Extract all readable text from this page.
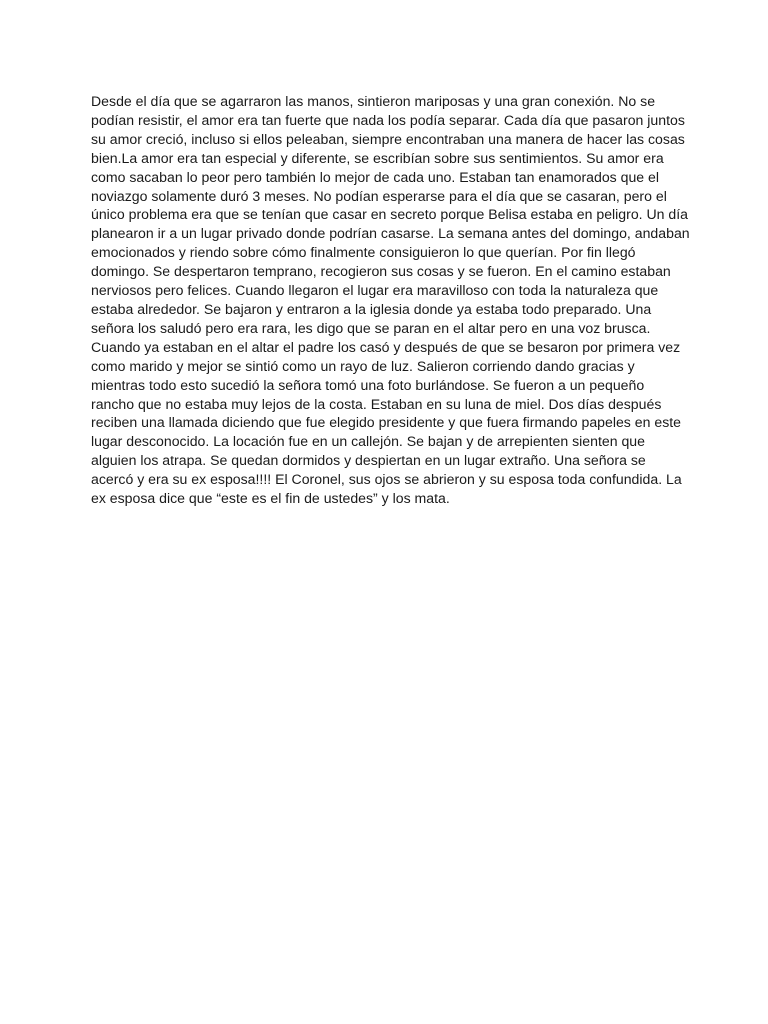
Desde el día que se agarraron las manos, sintieron mariposas y una gran conexión. No se
podían resistir, el amor era tan fuerte que nada los podía separar. Cada día que pasaron juntos
su amor creció, incluso si ellos peleaban, siempre encontraban una manera de hacer las cosas
bien.La amor era tan especial y diferente, se escribían sobre sus sentimientos. Su amor era
como sacaban lo peor pero también lo mejor de cada uno. Estaban tan enamorados que el
noviazgo solamente duró 3 meses. No podían esperarse para el día que se casaran, pero el
único problema era que se tenían que casar en secreto porque Belisa estaba en peligro. Un día
planearon ir a un lugar privado donde podrían casarse. La semana antes del domingo, andaban
emocionados y riendo sobre cómo finalmente consiguieron lo que querían. Por fin llegó
domingo. Se despertaron temprano, recogieron sus cosas y se fueron. En el camino estaban
nerviosos pero felices. Cuando llegaron el lugar era maravilloso con toda la naturaleza que
estaba alrededor. Se bajaron y entraron a la iglesia donde ya estaba todo preparado. Una
señora los saludó pero era rara, les digo que se paran en el altar pero en una voz brusca.
Cuando ya estaban en el altar el padre los casó y después de que se besaron por primera vez
como marido y mejor se sintió como un rayo de luz. Salieron corriendo dando gracias y
mientras todo esto sucedió la señora tomó una foto burlándose. Se fueron a un pequeño
rancho que no estaba muy lejos de la costa. Estaban en su luna de miel. Dos días después
reciben una llamada diciendo que fue elegido presidente y que fuera firmando papeles en este
lugar desconocido. La locación fue en un callejón. Se bajan y de arrepienten sienten que
alguien los atrapa. Se quedan dormidos y despiertan en un lugar extraño. Una señora se
acercó y era su ex esposa!!!! El Coronel, sus ojos se abrieron y su esposa toda confundida. La
ex esposa dice que “este es el fin de ustedes” y los mata.
